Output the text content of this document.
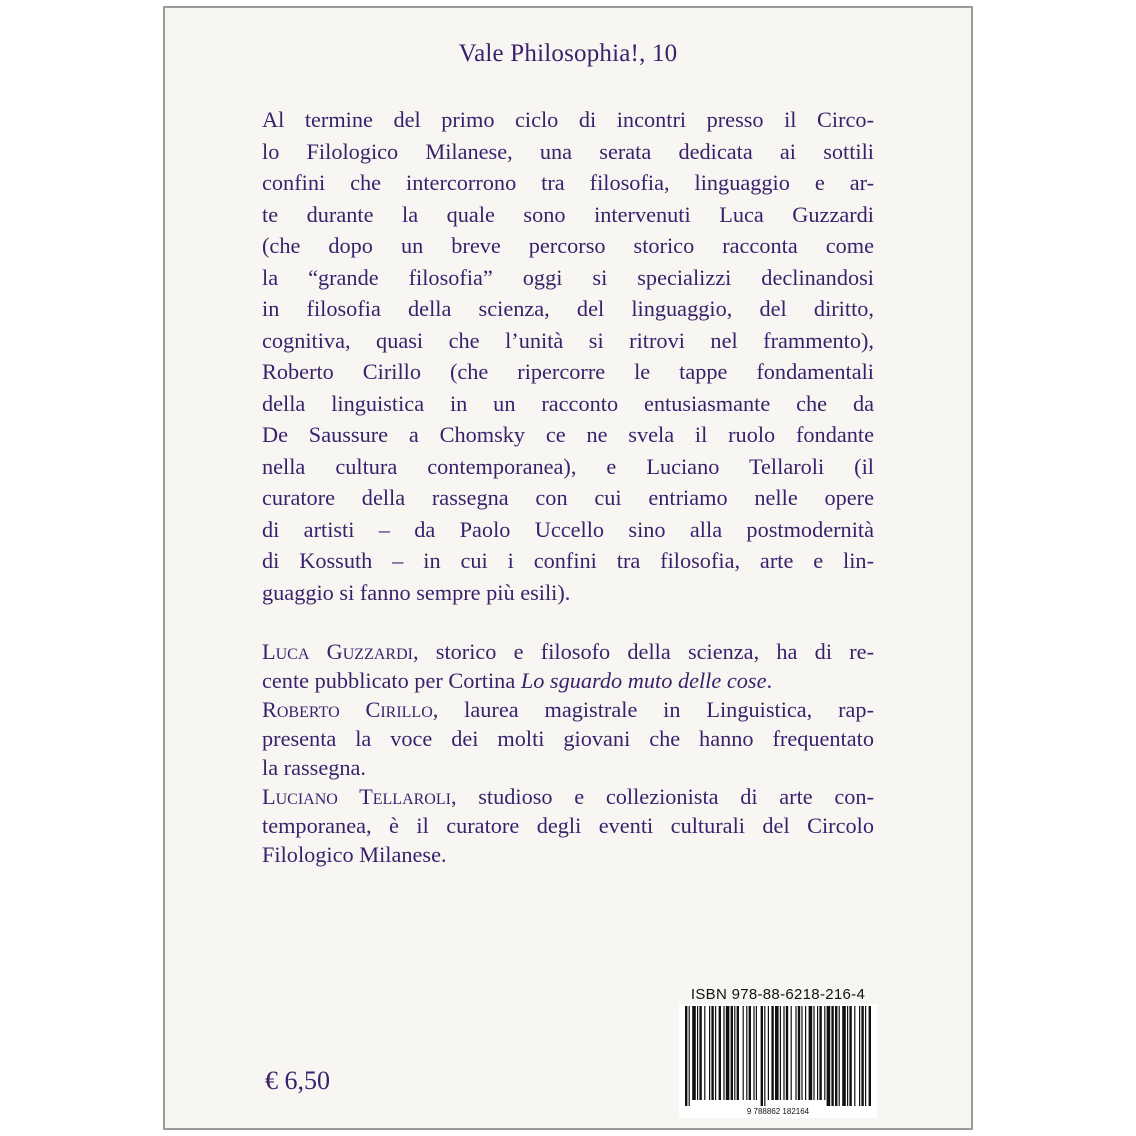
Vale Philosophia!, 10
Al termine del primo ciclo di incontri presso il Circo-
lo Filologico Milanese, una serata dedicata ai sottili
confini che intercorrono tra filosofia, linguaggio e ar-
te durante la quale sono intervenuti Luca Guzzardi
(che dopo un breve percorso storico racconta come
la “grande filosofia” oggi si specializzi declinandosi
in filosofia della scienza, del linguaggio, del diritto,
cognitiva, quasi che l’unità si ritrovi nel frammento),
Roberto Cirillo (che ripercorre le tappe fondamentali
della linguistica in un racconto entusiasmante che da
De Saussure a Chomsky ce ne svela il ruolo fondante
nella cultura contemporanea), e Luciano Tellaroli (il
curatore della rassegna con cui entriamo nelle opere
di artisti – da Paolo Uccello sino alla postmodernità
di Kossuth – in cui i confini tra filosofia, arte e lin-
guaggio si fanno sempre più esili).
Luca Guzzardi, storico e filosofo della scienza, ha di re-
cente pubblicato per Cortina Lo sguardo muto delle cose.
Roberto Cirillo, laurea magistrale in Linguistica, rap-
presenta la voce dei molti giovani che hanno frequentato
la rassegna.
Luciano Tellaroli, studioso e collezionista di arte con-
temporanea, è il curatore degli eventi culturali del Circolo
Filologico Milanese.
ISBN 978-88-6218-216-4
9 788862 182164
€ 6,50
